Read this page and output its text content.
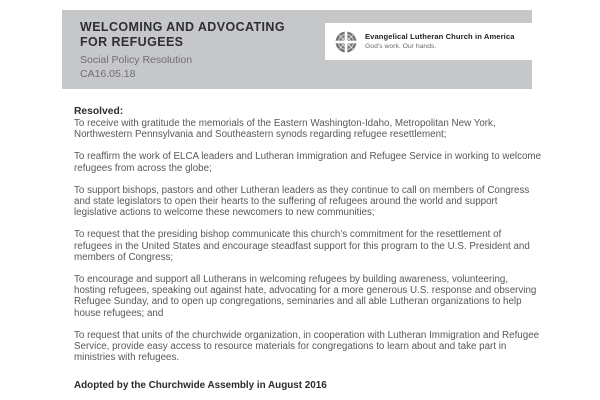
WELCOMING AND ADVOCATING
FOR REFUGEES
Social Policy Resolution
CA16.05.18
Evangelical Lutheran Church in America
God’s work. Our hands.

Resolved:

To receive with gratitude the memorials of the Eastern Washington-Idaho, Metropolitan New York, Northwestern Pennsylvania and Southeastern synods regarding refugee resettlement;

To reaffirm the work of ELCA leaders and Lutheran Immigration and Refugee Service in working to welcome refugees from across the globe;

To support bishops, pastors and other Lutheran leaders as they continue to call on members of Congress and state legislators to open their hearts to the suffering of refugees around the world and support legislative actions to welcome these newcomers to new communities;

To request that the presiding bishop communicate this church’s commitment for the resettlement of refugees in the United States and encourage steadfast support for this program to the U.S. President and members of Congress;

To encourage and support all Lutherans in welcoming refugees by building awareness, volunteering, hosting refugees, speaking out against hate, advocating for a more generous U.S. response and observing Refugee Sunday, and to open up congregations, seminaries and all able Lutheran organizations to help house refugees; and

To request that units of the churchwide organization, in cooperation with Lutheran Immigration and Refugee Service, provide easy access to resource materials for congregations to learn about and take part in ministries with refugees.

Adopted by the Churchwide Assembly in August 2016
